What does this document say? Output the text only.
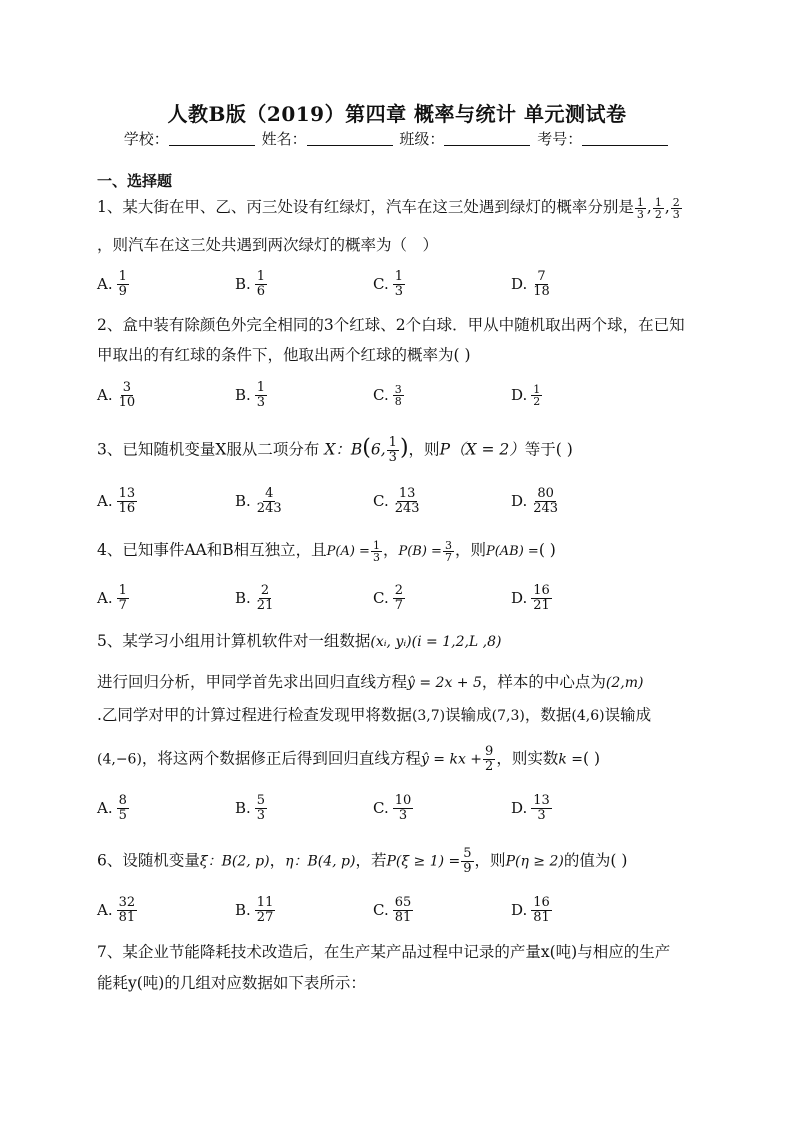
人教B版（2019）第四章 概率与统计 单元测试卷
学校：	姓名：	班级：	考号：
一、选择题
1、某大街在甲、乙、丙三处设有红绿灯，汽车在这三处遇到绿灯的概率分别是 $\frac{1}{3}$ , $\frac{1}{2}$ , $\frac{2}{3}$
，则汽车在这三处共遇到两次绿灯的概率为（　）
A. $\frac{1}{9}$	B. $\frac{1}{6}$	C. $\frac{1}{3}$	D. $\frac{7}{18}$
2、盒中装有除颜色外完全相同的3个红球、2个白球．甲从中随机取出两个球，在已知
甲取出的有红球的条件下，他取出两个红球的概率为( )
A. $\frac{3}{10}$	B. $\frac{1}{3}$	C. $\frac{3}{8}$	D. $\frac{1}{2}$
3、已知随机变量X服从二项分布 X：B(6, $\frac{1}{3}$ )，则P（X = 2）等于( )
A. $\frac{13}{16}$	B. $\frac{4}{243}$	C. $\frac{13}{243}$	D. $\frac{80}{243}$
4、已知事件AA和B相互独立，且$P(A) = \frac{1}{3}$ ，$P(B) = \frac{3}{7}$ ，则P(AB) =( )
A. $\frac{1}{7}$	B. $\frac{2}{21}$	C. $\frac{2}{7}$	D. $\frac{16}{21}$
5、某学习小组用计算机软件对一组数据(xᵢ, yᵢ)(i = 1,2,L ,8)
进行回归分析，甲同学首先求出回归直线方程ŷ = 2x + 5，样本的中心点为(2,m)
.乙同学对甲的计算过程进行检查发现甲将数据(3,7)误输成(7,3)，数据(4,6)误输成
(4,−6)，将这两个数据修正后得到回归直线方程ŷ = kx + $\frac{9}{2}$ ，则实数k =( )
A. $\frac{8}{5}$	B. $\frac{5}{3}$	C. $\frac{10}{3}$	D. $\frac{13}{3}$
6、设随机变量ξ：B(2, p)，η：B(4, p)，若$P(\xi \ge 1) = \frac{5}{9}$ ，则P(η ≥ 2)的值为( )
A. $\frac{32}{81}$	B. $\frac{11}{27}$	C. $\frac{65}{81}$	D. $\frac{16}{81}$
7、某企业节能降耗技术改造后，在生产某产品过程中记录的产量x(吨)与相应的生产
能耗y(吨)的几组对应数据如下表所示：
